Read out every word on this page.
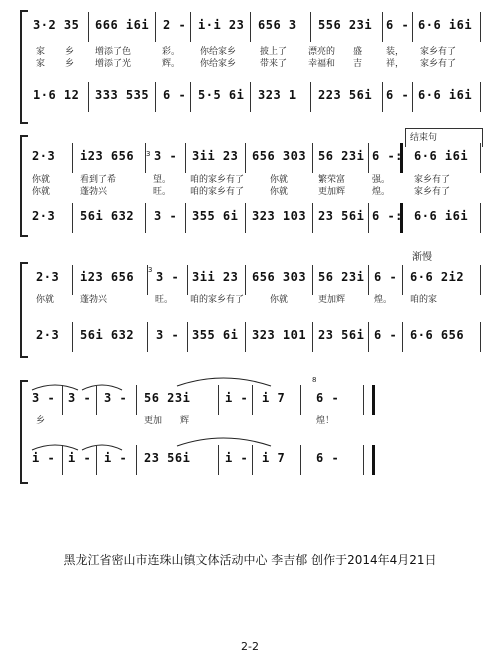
3·2 35 666 i6i 2 - i·i 23 656 3 556 23i 6 - 6·6 i6i
家 乡 增添了色	彩。 你给家乡	披上了 漂亮的 盛	装， 家乡有了
家 乡 增添了光	辉。 你给家乡	带来了 幸福和 吉	祥， 家乡有了
1·6 12 333 535 6 - 5·5 6i 323 1 223 56i 6 - 6·6 i6i
结束句
3
2·3 i23 656 3 - 3ii 23 656 303 56 23i 6 -: 6·6 i6i
你就	看到了希	望。 咱的家乡有了	你就	繁荣富	强。	家乡有了
你就	蓬勃兴	旺。 咱的家乡有了	你就	更加辉	煌。	家乡有了
2·3 56i 632 3 - 355 6i 323 103 23 56i 6 -: 6·6 i6i
渐慢
3
2·3 i23 656 3 - 3ii 23 656 303 56 23i 6 - 6·6 2i2
你就	蓬勃兴	旺。 咱的家乡有了	你就	更加辉	煌。 咱的家
2·3 56i 632 3 - 355 6i 323 101 23 56i 6 - 6·6 656
8
3 - 3 - 3 - 56 23i	i - i 7	6 -
乡	更加 辉	煌！
i - i - i - 23 56i	i - i 7	6 -
黑龙江省密山市连珠山镇文体活动中心 李吉郁 创作于2014年4月21日
2-2
